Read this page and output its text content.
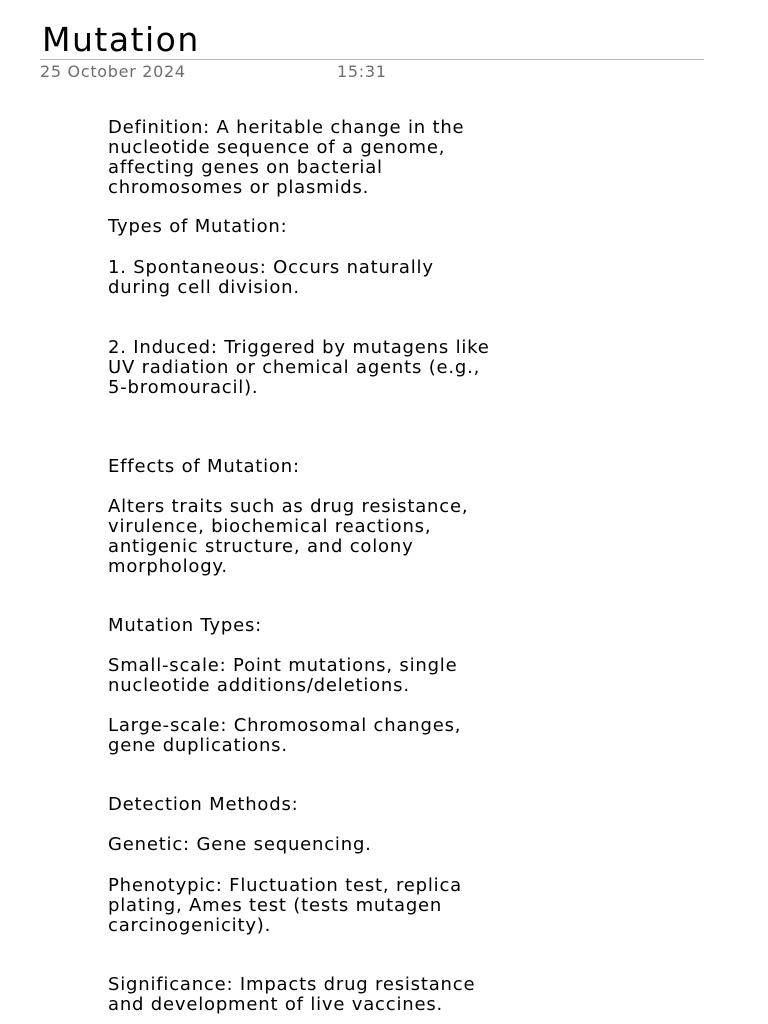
Mutation
25 October 2024	15:31
Definition: A heritable change in the
nucleotide sequence of a genome,
affecting genes on bacterial
chromosomes or plasmids.
Types of Mutation:
1. Spontaneous: Occurs naturally
during cell division.
2. Induced: Triggered by mutagens like
UV radiation or chemical agents (e.g.,
5-bromouracil).
Effects of Mutation:
Alters traits such as drug resistance,
virulence, biochemical reactions,
antigenic structure, and colony
morphology.
Mutation Types:
Small-scale: Point mutations, single
nucleotide additions/deletions.
Large-scale: Chromosomal changes,
gene duplications.
Detection Methods:
Genetic: Gene sequencing.
Phenotypic: Fluctuation test, replica
plating, Ames test (tests mutagen
carcinogenicity).
Significance: Impacts drug resistance
and development of live vaccines.
